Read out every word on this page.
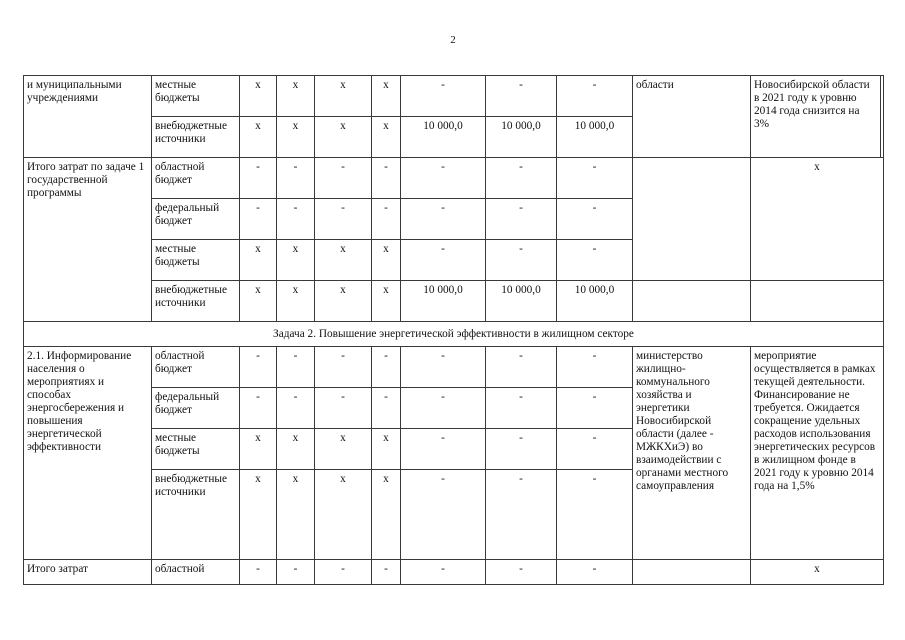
2
и муниципальными учреждениями	местные бюджеты	x	x	x	x	-	-	-	области	Новосибирской области в 2021 году к уровню 2014 года снизится на 3%	
	внебюджетные источники	x	x	x	x	10 000,0	10 000,0	10 000,0			
Итого затрат по задаче 1 государственной программы	областной бюджет	-	-	-	-	-	-	-		x	
	федеральный бюджет	-	-	-	-	-	-	-			
	местные бюджеты	x	x	x	x	-	-	-			
	внебюджетные источники	x	x	x	x	10 000,0	10 000,0	10 000,0			
Задача 2. Повышение энергетической эффективности в жилищном секторе											
2.1. Информирование населения о мероприятиях и способах энергосбережения и повышения энергетической эффективности	областной бюджет	-	-	-	-	-	-	-	министерство жилищно-коммунального хозяйства и энергетики Новосибирской области (далее - МЖКХиЭ) во взаимодействии с органами местного самоуправления	мероприятие осуществляется в рамках текущей деятельности. Финансирование не требуется. Ожидается сокращение удельных расходов использования энергетических ресурсов в жилищном фонде в 2021 году к уровню 2014 года на 1,5%	
	федеральный бюджет	-	-	-	-	-	-	-			
	местные бюджеты	x	x	x	x	-	-	-			
	внебюджетные источники	x	x	x	x	-	-	-			
Итого затрат	областной	-	-	-	-	-	-	-		x	
